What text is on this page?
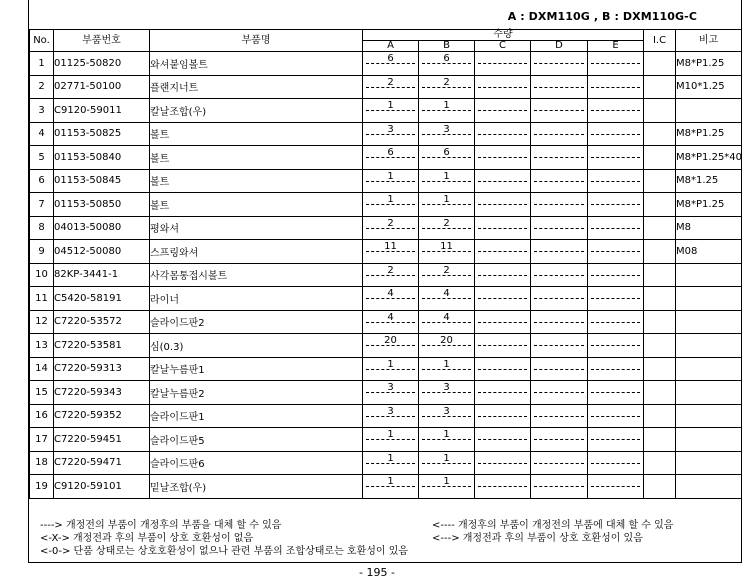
A : DXM110G , B : DXM110G-C
No.	부품번호	부품명	수량					I.C	비고
			A	B	C	D	E		
1	01125-50820	와셔붙임볼트	6	6					M8*P1.25
2	02771-50100	플랜지너트	2	2					M10*1.25
3	C9120-59011	칼날조합(우)	1	1					

4	01153-50825	볼트	3	3					M8*P1.25
5	01153-50840	볼트	6	6					M8*P1.25*40
6	01153-50845	볼트	1	1					M8*1.25
7	01153-50850	볼트	1	1					M8*P1.25
8	04013-50080	평와셔	2	2					M8
9	04512-50080	스프링와셔	11	11					M08
10	82KP-3441-1	사각몸통접시볼트	2	2					

11	C5420-58191	라이너	4	4					

12	C7220-53572	슬라이드판2	4	4					

13	C7220-53581	심(0.3)	20	20					

14	C7220-59313	칼날누름판1	1	1					

15	C7220-59343	칼날누름판2	3	3					

16	C7220-59352	슬라이드판1	3	3					

17	C7220-59451	슬라이드판5	1	1					

18	C7220-59471	슬라이드판6	1	1					

19	C9120-59101	밑날조합(우)	1	1					

----> 개정전의 부품이 개정후의 부품을 대체 할 수 있음	<---- 개정후의 부품이 개정전의 부품에 대체 할 수 있음
<-X-> 개정전과 후의 부품이 상호 호환성이 없음	<---> 개정전과 후의 부품이 상호 호환성이 있음
<-0-> 단품 상태로는 상호호환성이 없으나 관련 부품의 조합상태로는 호환성이 있음
- 195 -
